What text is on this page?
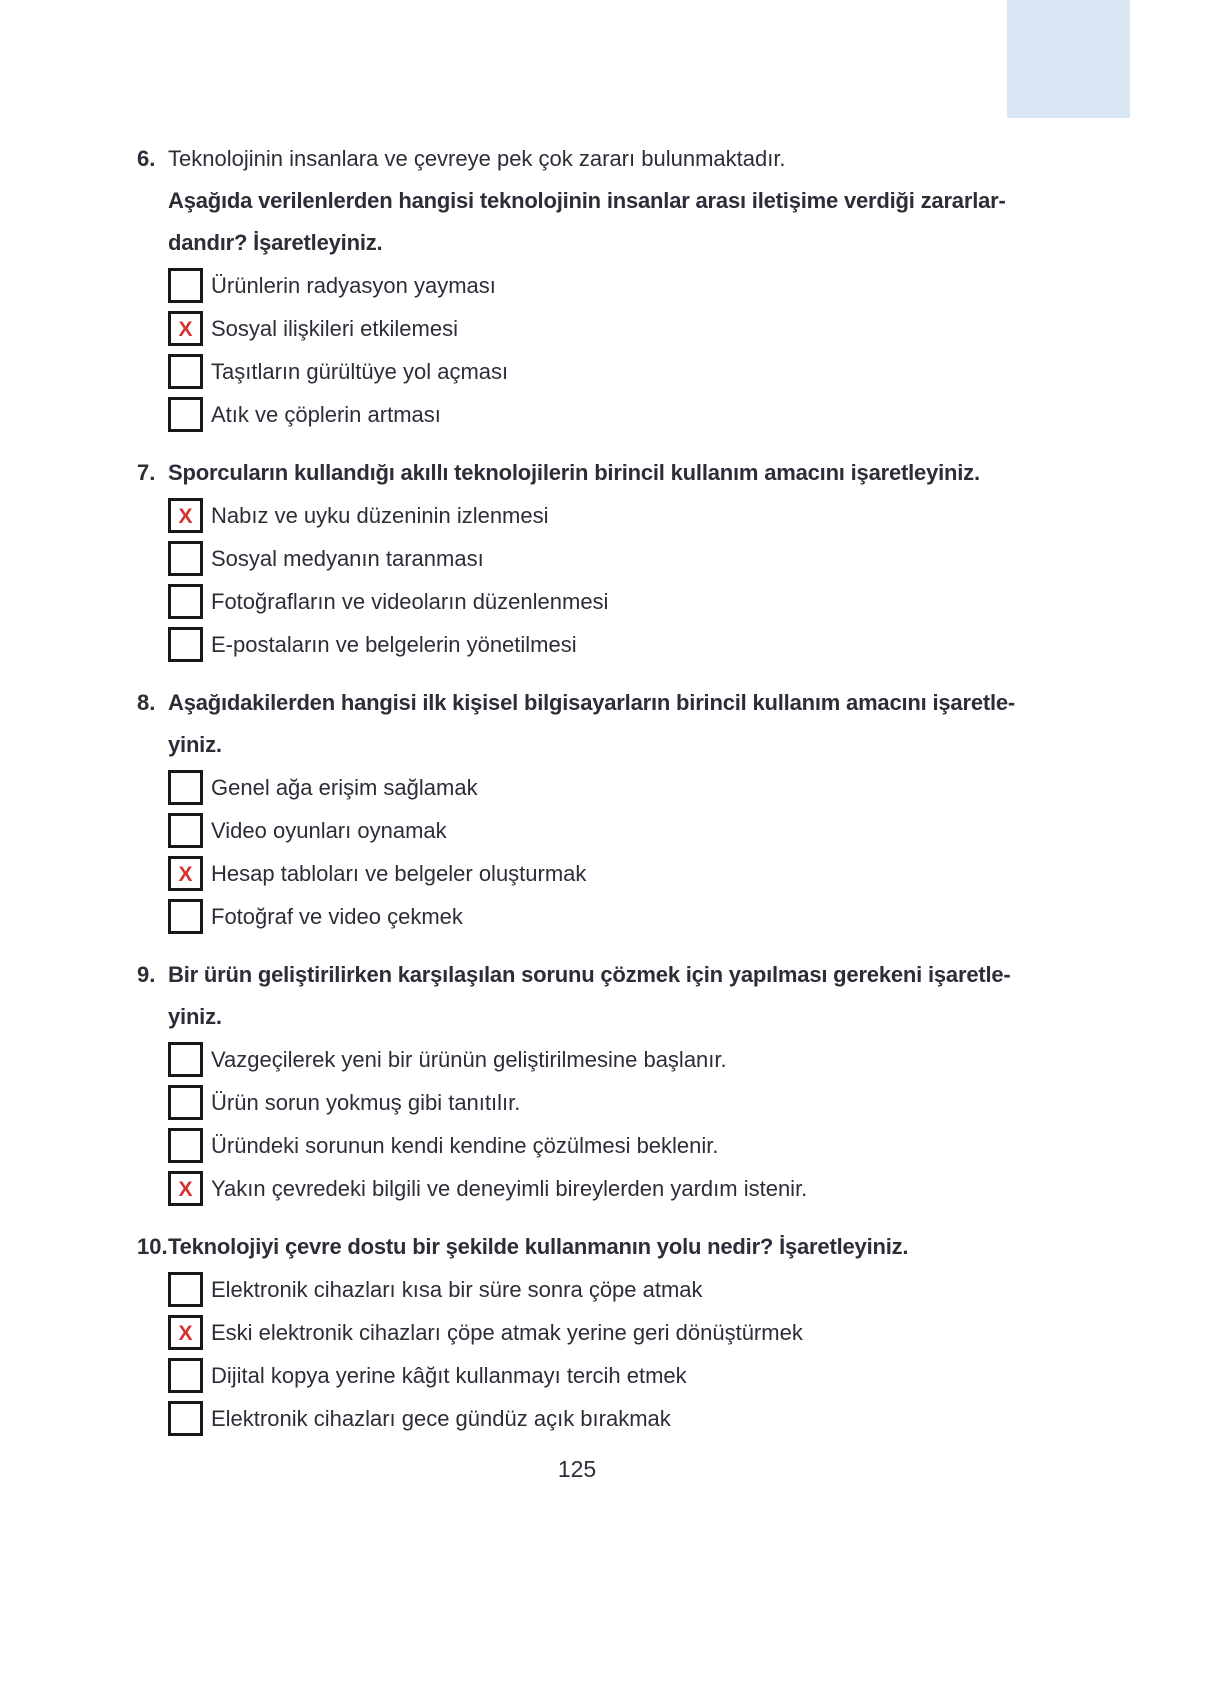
6. Teknolojinin insanlara ve çevreye pek çok zararı bulunmaktadır.
Aşağıda verilenlerden hangisi teknolojinin insanlar arası iletişime verdiği zararlar-
dandır? İşaretleyiniz.
Ürünlerin radyasyon yayması
X Sosyal ilişkileri etkilemesi
Taşıtların gürültüye yol açması
Atık ve çöplerin artması
7. Sporcuların kullandığı akıllı teknolojilerin birincil kullanım amacını işaretleyiniz.
X Nabız ve uyku düzeninin izlenmesi
Sosyal medyanın taranması
Fotoğrafların ve videoların düzenlenmesi
E-postaların ve belgelerin yönetilmesi
8. Aşağıdakilerden hangisi ilk kişisel bilgisayarların birincil kullanım amacını işaretle-
yiniz.
Genel ağa erişim sağlamak
Video oyunları oynamak
X Hesap tabloları ve belgeler oluşturmak
Fotoğraf ve video çekmek
9. Bir ürün geliştirilirken karşılaşılan sorunu çözmek için yapılması gerekeni işaretle-
yiniz.
Vazgeçilerek yeni bir ürünün geliştirilmesine başlanır.
Ürün sorun yokmuş gibi tanıtılır.
Üründeki sorunun kendi kendine çözülmesi beklenir.
X Yakın çevredeki bilgili ve deneyimli bireylerden yardım istenir.
10. Teknolojiyi çevre dostu bir şekilde kullanmanın yolu nedir? İşaretleyiniz.
Elektronik cihazları kısa bir süre sonra çöpe atmak
X Eski elektronik cihazları çöpe atmak yerine geri dönüştürmek
Dijital kopya yerine kâğıt kullanmayı tercih etmek
Elektronik cihazları gece gündüz açık bırakmak
125
